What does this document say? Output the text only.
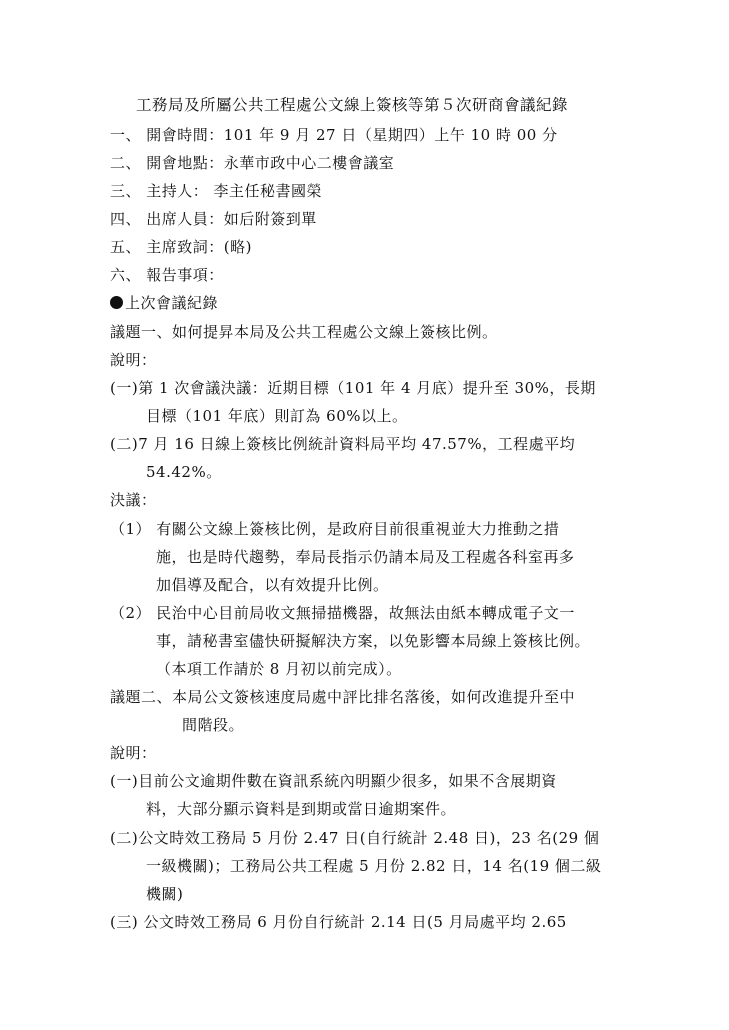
工務局及所屬公共工程處公文線上簽核等第５次研商會議紀錄
一、 開會時間：101 年 9 月 27 日（星期四）上午 10 時 00 分
二、 開會地點：永華市政中心二樓會議室
三、 主持人： 李主任秘書國榮
四、 出席人員：如后附簽到單
五、 主席致詞：(略)
六、 報告事項：
上次會議紀錄
議題一、如何提昇本局及公共工程處公文線上簽核比例。
說明：
(一)第 1 次會議決議：近期目標（101 年 4 月底）提升至 30%，長期
目標（101 年底）則訂為 60%以上。
(二)7 月 16 日線上簽核比例統計資料局平均 47.57%，工程處平均
54.42%。
決議：
（1） 有關公文線上簽核比例，是政府目前很重視並大力推動之措
施，也是時代趨勢，奉局長指示仍請本局及工程處各科室再多
加倡導及配合，以有效提升比例。
（2） 民治中心目前局收文無掃描機器，故無法由紙本轉成電子文一
事，請秘書室儘快研擬解決方案，以免影響本局線上簽核比例。
（本項工作請於 8 月初以前完成）。
議題二、本局公文簽核速度局處中評比排名落後，如何改進提升至中
間階段。
說明：
(一)目前公文逾期件數在資訊系統內明顯少很多，如果不含展期資
料，大部分顯示資料是到期或當日逾期案件。
(二)公文時效工務局 5 月份 2.47 日(自行統計 2.48 日)，23 名(29 個
一級機關)；工務局公共工程處 5 月份 2.82 日，14 名(19 個二級
機關)
(三) 公文時效工務局 6 月份自行統計 2.14 日(5 月局處平均 2.65
